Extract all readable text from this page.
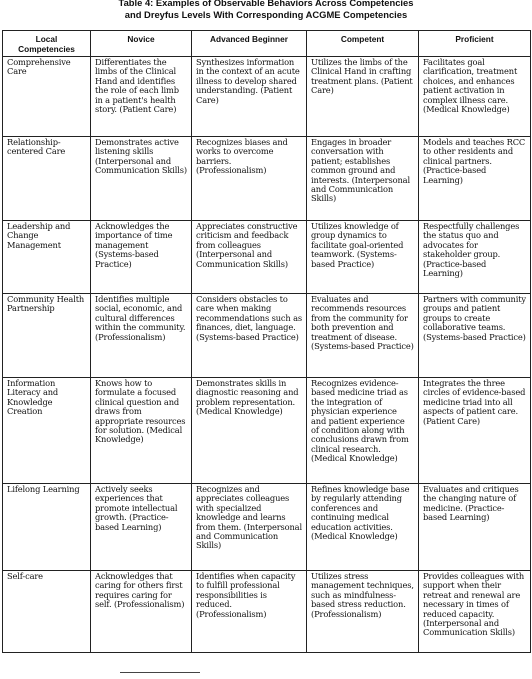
Table 4: Examples of Observable Behaviors Across Competencies
and Dreyfus Levels With Corresponding ACGME Competencies
Local Competencies	Novice	Advanced Beginner	Competent	Proficient
Comprehensive Care	Differentiates the limbs of the Clinical Hand and identifies the role of each limb in a patient's health story. (Patient Care)	Synthesizes information in the context of an acute illness to develop shared understanding. (Patient Care)	Utilizes the limbs of the Clinical Hand in crafting treatment plans. (Patient Care)	Facilitates goal clarification, treatment choices, and enhances patient activation in complex illness care. (Medical Knowledge)
Relationship-centered Care	Demonstrates active listening skills (Interpersonal and Communication Skills)	Recognizes biases and works to overcome barriers. (Professionalism)	Engages in broader conversation with patient; establishes common ground and interests. (Interpersonal and Communication Skills)	Models and teaches RCC to other residents and clinical partners. (Practice-based Learning)
Leadership and Change Management	Acknowledges the importance of time management (Systems-based Practice)	Appreciates constructive criticism and feedback from colleagues (Interpersonal and Communication Skills)	Utilizes knowledge of group dynamics to facilitate goal-oriented teamwork. (Systems-based Practice)	Respectfully challenges the status quo and advocates for stakeholder group. (Practice-based Learning)
Community Health Partnership	Identifies multiple social, economic, and cultural differences within the community. (Professionalism)	Considers obstacles to care when making recommendations such as finances, diet, language. (Systems-based Practice)	Evaluates and recommends resources from the community for both prevention and treatment of disease. (Systems-based Practice)	Partners with community groups and patient groups to create collaborative teams. (Systems-based Practice)
Information Literacy and Knowledge Creation	Knows how to formulate a focused clinical question and draws from appropriate resources for solution. (Medical Knowledge)	Demonstrates skills in diagnostic reasoning and problem representation. (Medical Knowledge)	Recognizes evidence-based medicine triad as the integration of physician experience and patient experience of condition along with conclusions drawn from clinical research. (Medical Knowledge)	Integrates the three circles of evidence-based medicine triad into all aspects of patient care. (Patient Care)
Lifelong Learning	Actively seeks experiences that promote intellectual growth. (Practice-based Learning)	Recognizes and appreciates colleagues with specialized knowledge and learns from them. (Interpersonal and Communication Skills)	Refines knowledge base by regularly attending conferences and continuing medical education activities. (Medical Knowledge)	Evaluates and critiques the changing nature of medicine. (Practice-based Learning)
Self-care	Acknowledges that caring for others first requires caring for self. (Professionalism)	Identifies when capacity to fulfill professional responsibilities is reduced. (Professionalism)	Utilizes stress management techniques, such as mindfulness-based stress reduction. (Professionalism)	Provides colleagues with support when their retreat and renewal are necessary in times of reduced capacity. (Interpersonal and Communication Skills)
